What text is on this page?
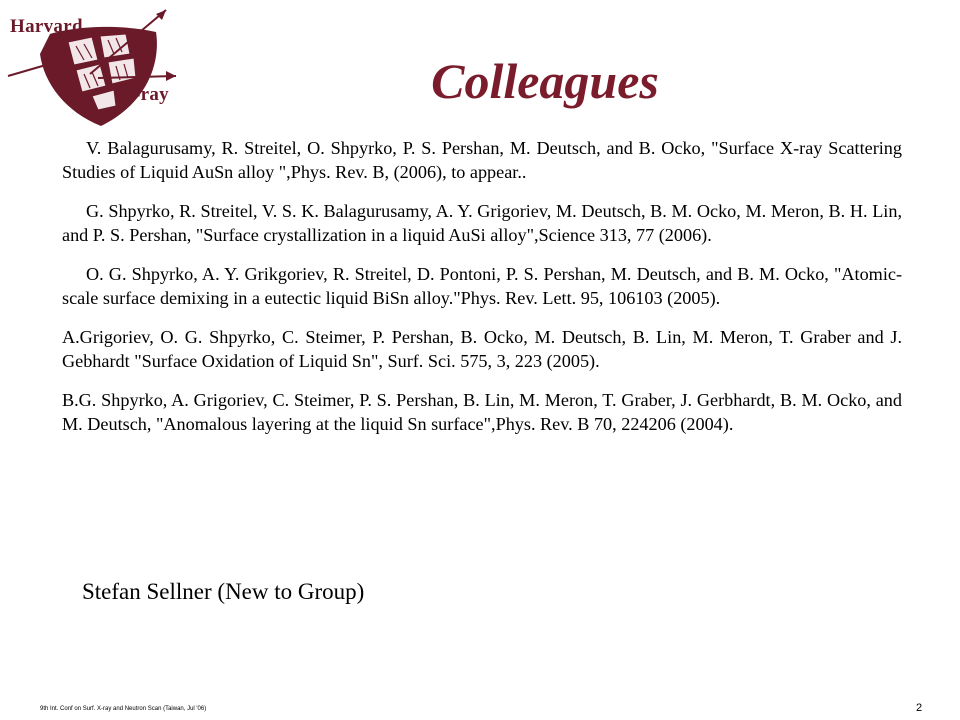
Harvard
X-ray	Colleagues

V. Balagurusamy, R. Streitel, O. Shpyrko, P. S. Pershan, M. Deutsch, and B. Ocko, "Surface X-ray Scattering Studies of Liquid AuSn alloy ",Phys. Rev. B, (2006), to appear..

G. Shpyrko, R. Streitel, V. S. K. Balagurusamy, A. Y. Grigoriev, M. Deutsch, B. M. Ocko, M. Meron, B. H. Lin, and P. S. Pershan, "Surface crystallization in a liquid AuSi alloy",Science 313, 77 (2006).

O. G. Shpyrko, A. Y. Grikgoriev, R. Streitel, D. Pontoni, P. S. Pershan, M. Deutsch, and B. M. Ocko, "Atomic-scale surface demixing in a eutectic liquid BiSn alloy."Phys. Rev. Lett. 95, 106103 (2005).

A.Grigoriev, O. G. Shpyrko, C. Steimer, P. Pershan, B. Ocko, M. Deutsch, B. Lin, M. Meron, T. Graber and J. Gebhardt "Surface Oxidation of Liquid Sn", Surf. Sci. 575, 3, 223 (2005).

B.G. Shpyrko, A. Grigoriev, C. Steimer, P. S. Pershan, B. Lin, M. Meron, T. Graber, J. Gerbhardt, B. M. Ocko, and M. Deutsch, "Anomalous layering at the liquid Sn surface",Phys. Rev. B 70, 224206 (2004).

Stefan Sellner (New to Group)
9th Int. Conf on Surf. X-ray and Neutron Scan (Taiwan, Jul '06)	2
